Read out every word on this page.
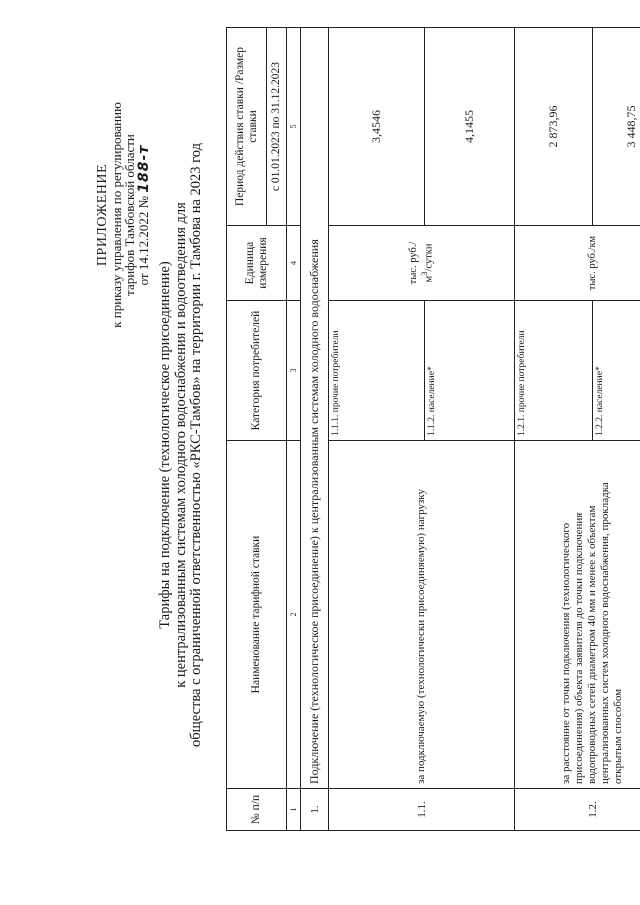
ПРИЛОЖЕНИЕ
к приказу управления по регулированию
тарифов Тамбовской области
от 14.12.2022 № 188-т
Тарифы на подключение (технологическое присоединение) к централизованным системам холодного водоснабжения и водоотведения для общества с ограниченной ответственностью «РКС-Тамбов» на территории г. Тамбова на 2023 год
№ п/п	Наименование тарифной ставки	Категория потребителей	Единица измерения	Период действия ставки /Размер ставки
				с 01.01.2023 по 31.12.2023
1	2	3	4	5
1.	Подключение (технологическое присоединение) к централизованным системам холодного водоснабжения			
1.1.	за подключаемую (технологически присоединяемую) нагрузку	1.1.1. прочие потребители	тыс. руб./ $м^3$/сутки	3,4546
		1.1.2. население*		4,1455
1.2.	за расстояние от точки подключения (технологического присоединения) объекта заявителя до точки подключения водопроводных сетей диаметром 40 мм и менее к объектам централизованных систем холодного водоснабжения, прокладка открытым способом	1.2.1. прочие потребители	тыс. руб./км	2 873,96
		1.2.2. население*		3 448,75
